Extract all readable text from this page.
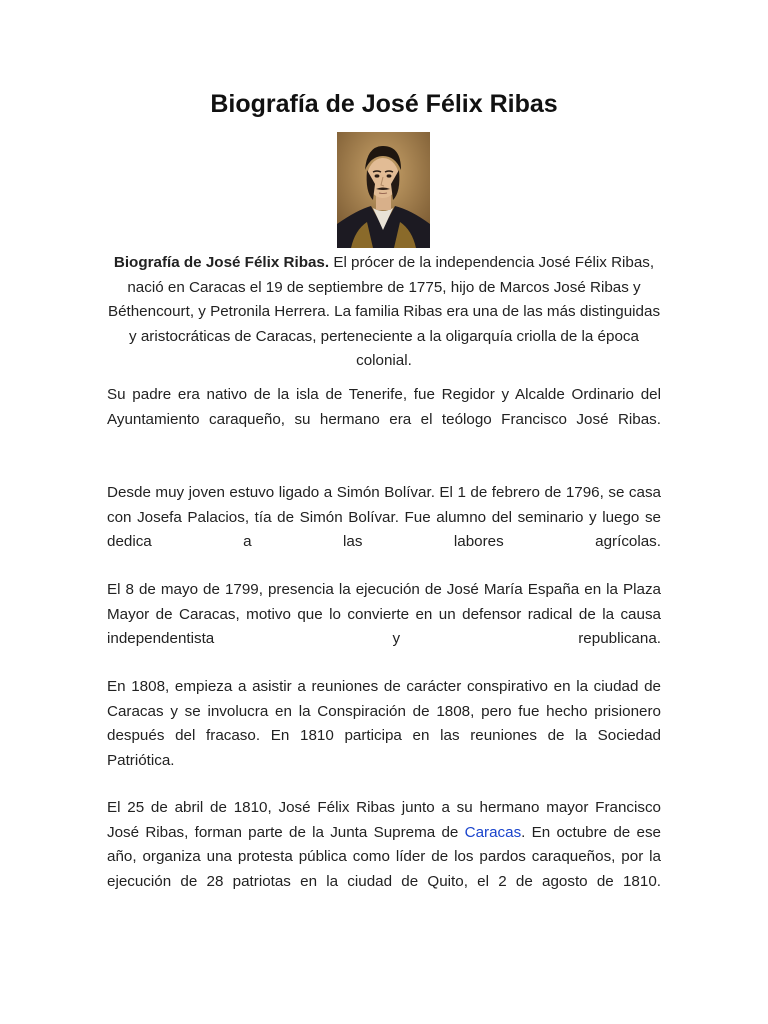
Biografía de José Félix Ribas

Biografía de José Félix Ribas. El prócer de la independencia José Félix Ribas, nació en Caracas el 19 de septiembre de 1775, hijo de Marcos José Ribas y Béthencourt, y Petronila Herrera. La familia Ribas era una de las más distinguidas y aristocráticas de Caracas, perteneciente a la oligarquía criolla de la época colonial.

Su padre era nativo de la isla de Tenerife, fue Regidor y Alcalde Ordinario del Ayuntamiento caraqueño, su hermano era el teólogo Francisco José Ribas.

Desde muy joven estuvo ligado a Simón Bolívar. El 1 de febrero de 1796, se casa con Josefa Palacios, tía de Simón Bolívar. Fue alumno del seminario y luego se dedica a las labores agrícolas.

El 8 de mayo de 1799, presencia la ejecución de José María España en la Plaza Mayor de Caracas, motivo que lo convierte en un defensor radical de la causa independentista y republicana.

En 1808, empieza a asistir a reuniones de carácter conspirativo en la ciudad de Caracas y se involucra en la Conspiración de 1808, pero fue hecho prisionero después del fracaso. En 1810 participa en las reuniones de la Sociedad Patriótica.

El 25 de abril de 1810, José Félix Ribas junto a su hermano mayor Francisco José Ribas, forman parte de la Junta Suprema de Caracas. En octubre de ese año, organiza una protesta pública como líder de los pardos caraqueños, por la ejecución de 28 patriotas en la ciudad de Quito, el 2 de agosto de 1810.
